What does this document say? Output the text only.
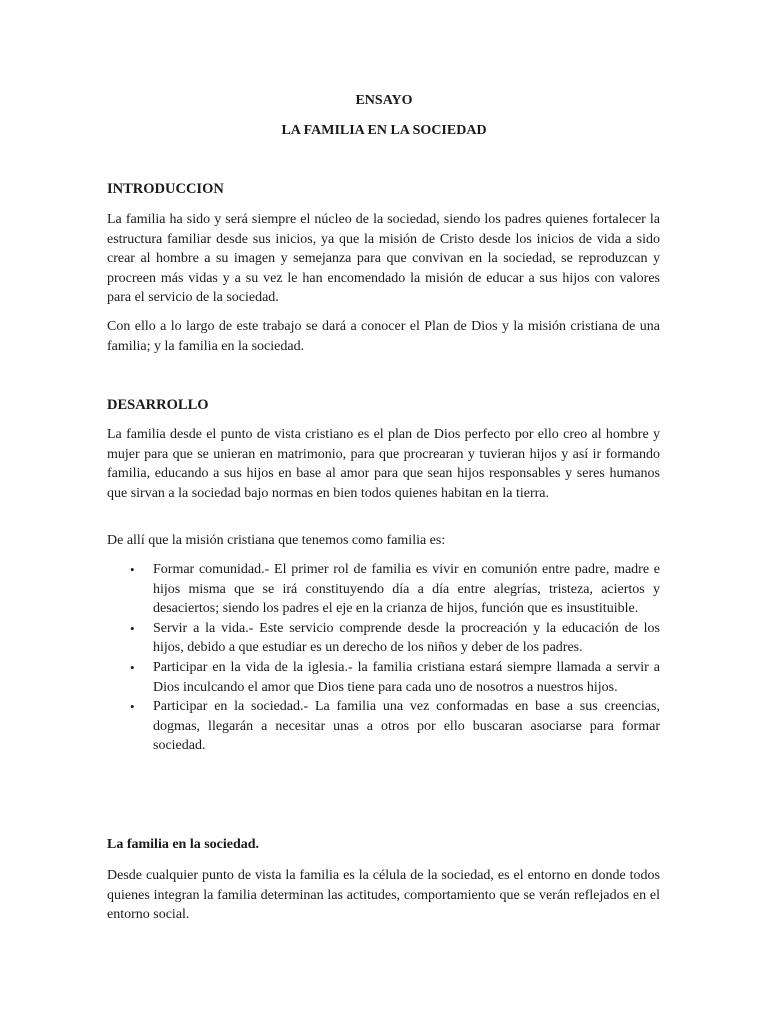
ENSAYO
LA FAMILIA EN LA SOCIEDAD
INTRODUCCION
La familia ha sido y será siempre el núcleo de la sociedad, siendo los padres quienes fortalecer la estructura familiar desde sus inicios, ya que la misión de Cristo desde los inicios de vida a sido crear al hombre a su imagen y semejanza para que convivan en la sociedad, se reproduzcan y procreen más vidas y a su vez le han encomendado la misión de educar a sus hijos con valores para el servicio de la sociedad.
Con ello a lo largo de este trabajo se dará a conocer el Plan de Dios y la misión cristiana de una familia; y la familia en la sociedad.
DESARROLLO
La familia desde el punto de vista cristiano es el plan de Dios perfecto por ello creo al hombre y mujer para que se unieran en matrimonio, para que procrearan y tuvieran hijos y así ir formando familia, educando a sus hijos en base al amor para que sean hijos responsables y seres humanos que sirvan a la sociedad bajo normas en bien todos quienes habitan en la tierra.
De allí que la misión cristiana que tenemos como familia es:
• Formar comunidad.- El primer rol de familia es vivir en comunión entre padre, madre e hijos misma que se irá constituyendo día a día entre alegrías, tristeza, aciertos y desaciertos; siendo los padres el eje en la crianza de hijos, función que es insustituible.
• Servir a la vida.- Este servicio comprende desde la procreación y la educación de los hijos, debido a que estudiar es un derecho de los niños y deber de los padres.
• Participar en la vida de la iglesia.- la familia cristiana estará siempre llamada a servir a Dios inculcando el amor que Dios tiene para cada uno de nosotros a nuestros hijos.
• Participar en la sociedad.- La familia una vez conformadas en base a sus creencias, dogmas, llegarán a necesitar unas a otros por ello buscaran asociarse para formar sociedad.
La familia en la sociedad.
Desde cualquier punto de vista la familia es la célula de la sociedad, es el entorno en donde todos quienes integran la familia determinan las actitudes, comportamiento que se verán reflejados en el entorno social.
